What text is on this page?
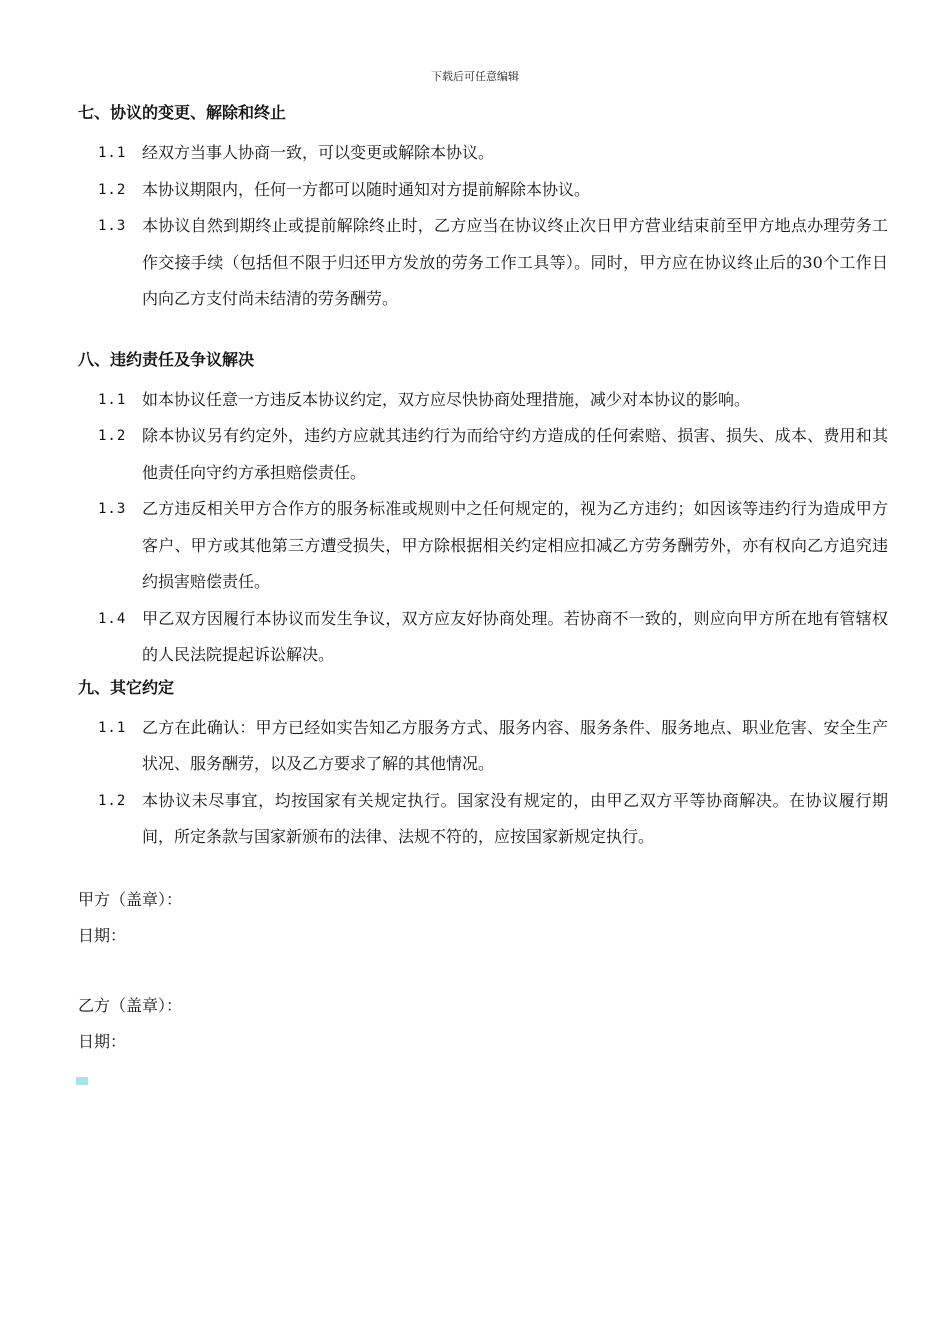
下载后可任意编辑
七、协议的变更、解除和终止
1.1 经双方当事人协商一致，可以变更或解除本协议。
1.2 本协议期限内，任何一方都可以随时通知对方提前解除本协议。
1.3 本协议自然到期终止或提前解除终止时，乙方应当在协议终止次日甲方营业结束前至甲方地点办理劳务工作交接手续（包括但不限于归还甲方发放的劳务工作工具等）。同时，甲方应在协议终止后的30个工作日内向乙方支付尚未结清的劳务酬劳。
八、违约责任及争议解决
1.1 如本协议任意一方违反本协议约定，双方应尽快协商处理措施，减少对本协议的影响。
1.2 除本协议另有约定外，违约方应就其违约行为而给守约方造成的任何索赔、损害、损失、成本、费用和其他责任向守约方承担赔偿责任。
1.3 乙方违反相关甲方合作方的服务标准或规则中之任何规定的，视为乙方违约；如因该等违约行为造成甲方客户、甲方或其他第三方遭受损失，甲方除根据相关约定相应扣减乙方劳务酬劳外，亦有权向乙方追究违约损害赔偿责任。
1.4 甲乙双方因履行本协议而发生争议，双方应友好协商处理。若协商不一致的，则应向甲方所在地有管辖权的人民法院提起诉讼解决。
九、其它约定
1.1 乙方在此确认：甲方已经如实告知乙方服务方式、服务内容、服务条件、服务地点、职业危害、安全生产状况、服务酬劳，以及乙方要求了解的其他情况。
1.2 本协议未尽事宜，均按国家有关规定执行。国家没有规定的，由甲乙双方平等协商解决。在协议履行期间，所定条款与国家新颁布的法律、法规不符的，应按国家新规定执行。
甲方（盖章）：
日期：
乙方（盖章）：
日期：
